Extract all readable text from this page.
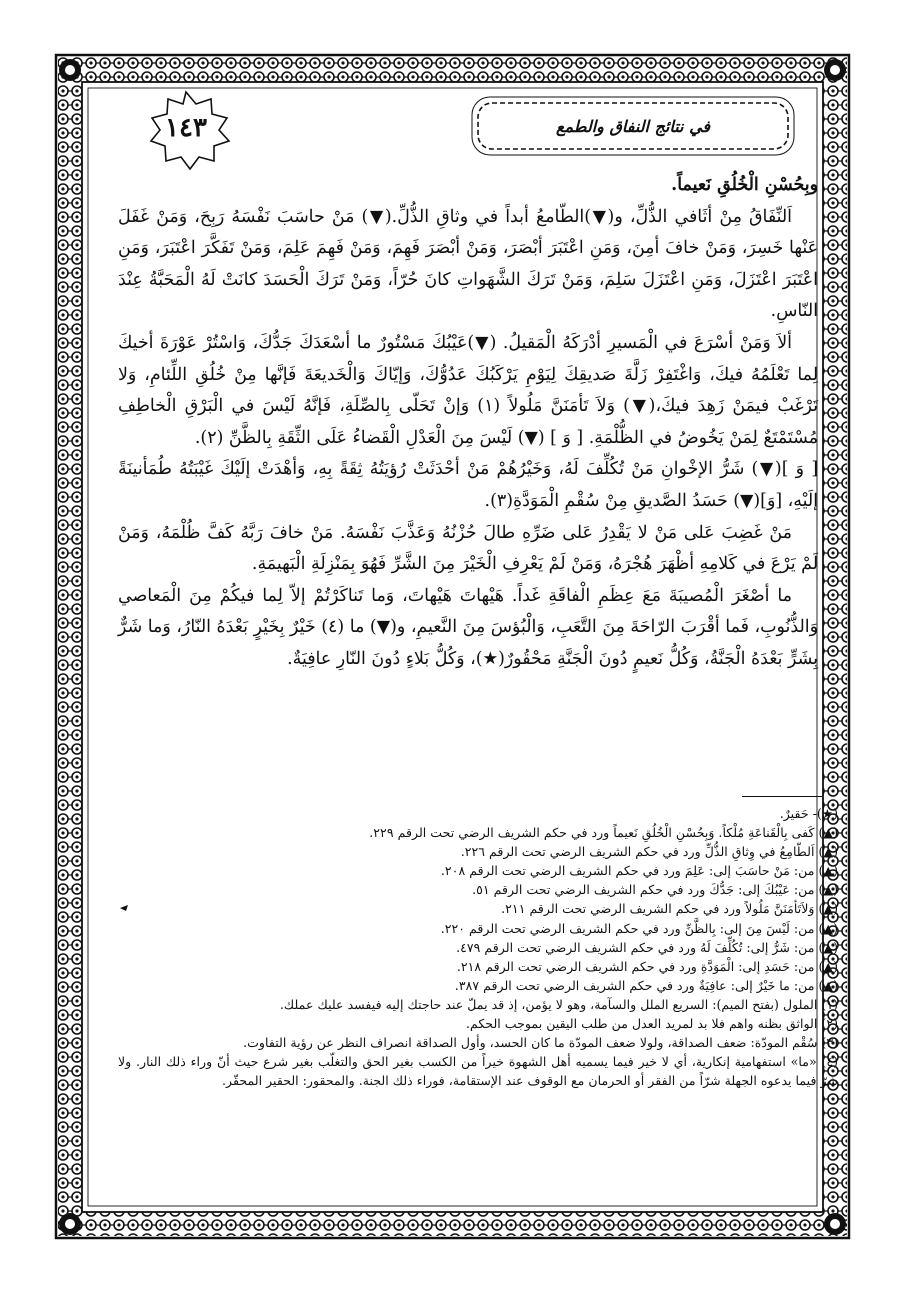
في نتائج النفاق والطمع
١٤٣

وبِحُسْنِ الْخُلُقِ نَعيماً.

اَلنِّفَاقُ مِنْ أثَافي الذُّلِّ، و(▼)الطّامعُ أبداً في وثاقِ الذُّلِّ.(▼) مَنْ حاسَبَ نَفْسَهُ رَبِحَ، وَمَنْ غَفَلَ عَنْها خَسِرَ، وَمَنْ خافَ أمِنَ، وَمَنِ اعْتَبَرَ أبْصَرَ، وَمَنْ أبْصَرَ فَهِمَ، وَمَنْ فَهِمَ عَلِمَ، وَمَنْ تَفَكَّرَ اعْتَبَرَ، وَمَنِ اعْتَبَرَ اعْتَزَلَ، وَمَنِ اعْتَزَلَ سَلِمَ، وَمَنْ تَرَكَ الشَّهَواتِ كانَ حُرّاً، وَمَنْ تَرَكَ الْحَسَدَ كانَتْ لَهُ الْمَحَبَّةُ عِنْدَ النّاسِ.

ألاَ وَمَنْ أسْرَعَ في الْمَسيرِ أدْرَكَهُ الْمَقيلُ. (▼)عَيْبُكَ مَسْتُورٌ ما أسْعَدَكَ جَدُّكَ، وَاسْتُرْ عَوْرَةَ أخيكَ لِما تَعْلَمُهُ فيكَ، وَاغْتَفِرْ زَلَّةَ صَديقِكَ لِيَوْمِ يَرْكَبُكَ عَدُوُّكَ، وَإيّاكَ وَالْخَديعَةَ فَإنَّها مِنْ خُلُقِ اللِّئامِ، وَلا تَرْغَبْ فيمَنْ زَهِدَ فيكَ،(▼) وَلاَ تَأمَنَنَّ مَلُولاً (١) وَإنْ تَحَلّى بِالصِّلَةِ، فَإنَّهُ لَيْسَ في الْبَرْقِ الْخاطِفِ مُسْتَمْتَعٌ لِمَنْ يَخُوضُ في الظُّلْمَةِ. [ وَ ] (▼) لَيْسَ مِنَ الْعَدْلِ الْقَضاءُ عَلَى الثِّقَةِ بِالظَّنِّ (٢).

[ وَ ](▼) شَرُّ الإخْوانِ مَنْ تُكُلِّفَ لَهُ، وَخَيْرُهُمْ مَنْ أحْدَثَتْ رُؤيَتُهُ ثِقَةً بِهِ، وَأهْدَتْ إلَيْكَ غَيْبَتُهُ طُمَأنينَةً إلَيْهِ، [وَ](▼) حَسَدُ الصَّديقِ مِنْ سُقْمِ الْمَوَدَّةِ(٣).

مَنْ غَضِبَ عَلى مَنْ لا يَقْدِرُ عَلى ضَرِّهِ طالَ حُزْنُهُ وَعَذَّبَ نَفْسَهُ. مَنْ خافَ رَبَّهُ كَفَّ ظُلْمَهُ، وَمَنْ لَمْ يَرْعَ في كَلامِهِ أظْهَرَ هُجْرَهُ، وَمَنْ لَمْ يَعْرِفِ الْخَيْرَ مِنَ الشَّرِّ فَهُوَ بِمَنْزِلَةِ الْبَهيمَةِ.

ما أصْغَرَ الْمُصيبَةَ مَعَ عِظَمِ الْفاقَةِ غَداً. هَيْهاتَ هَيْهاتَ، وَما تَناكَرْتُمْ إلاّ لِما فيكُمْ مِنَ الْمَعاصي وَالذُّنُوبِ، فَما أقْرَبَ الرّاحَةَ مِنَ التَّعَبِ، وَالْبُؤسَ مِنَ النَّعيمِ، و(▼) ما (٤) خَيْرٌ بِخَيْرٍ بَعْدَهُ النّارُ، وَما شَرٌّ بِشَرٍّ بَعْدَهُ الْجَنَّةُ، وَكُلُّ نَعيمٍ دُونَ الْجَنَّةِ مَحْقُورٌ(★)، وَكُلُّ بَلاءٍ دُونَ النّارِ عافِيَةٌ.

(★)- حَقيرٌ.

(▲) كَفى بِالْقَناعَةِ مُلْكاً. وَبِحُسْنِ الْخُلُقِ نَعيماً ورد في حكم الشريف الرضي تحت الرقم ٢٢٩.

(▲) اَلطّامِعُ في وِثاقِ الذُّلِّ ورد في حكم الشريف الرضي تحت الرقم ٢٢٦.

(▲) من: مَنْ حاسَبَ إلى: عَلِمَ ورد في حكم الشريف الرضي تحت الرقم ٢٠٨.

(▲) من: عَيْبُكَ إلى: جَدُّكَ ورد في حكم الشريف الرضي تحت الرقم ٥١.

(▲) وَلاَتَأمَنَنَّ مَلُولاً ورد في حكم الشريف الرضي تحت الرقم ٢١١.

(▲) من: لَيْسَ مِنَ إلى: بِالظَّنِّ ورد في حكم الشريف الرضي تحت الرقم ٢٢٠.

(▲) من: شَرُّ إلى: تُكُلِّفَ لَهُ ورد في حكم الشريف الرضي تحت الرقم ٤٧٩.

(▲) من: حَسَدِ إلى: الْمَوَدَّةِ ورد في حكم الشريف الرضي تحت الرقم ٢١٨.

(▲) من: ما خَيْرٌ إلى: عافِيَةٌ ورد في حكم الشريف الرضي تحت الرقم ٣٨٧.

(١) الملول (بفتح الميم): السريع الملل والسآمة، وهو لا يؤمن، إذ قد يملّ عند حاجتك إليه فيفسد عليك عملك.

(٢) الواثق بظنه واهم فلا بد لمريد العدل من طلب اليقين بموجب الحكم.

(٣) سُقْم المودّة: ضعف الصداقة، ولولا ضعف المودّة ما كان الحسد، وأول الصداقة انصراف النظر عن رؤية التفاوت.

(٤) «ما» استفهامية إنكارية، أي لا خير فيما يسميه أهل الشهوة خيراً من الكسب بغير الحق والتغلّب بغير شرع حيث أنّ وراء ذلك النار. ولا شرّ فيما يدعوه الجهلة شرّاً من الفقر أو الحرمان مع الوقوف عند الإستقامة، فوراء ذلك الجنة. والمحقور: الحقير المحقّر.
